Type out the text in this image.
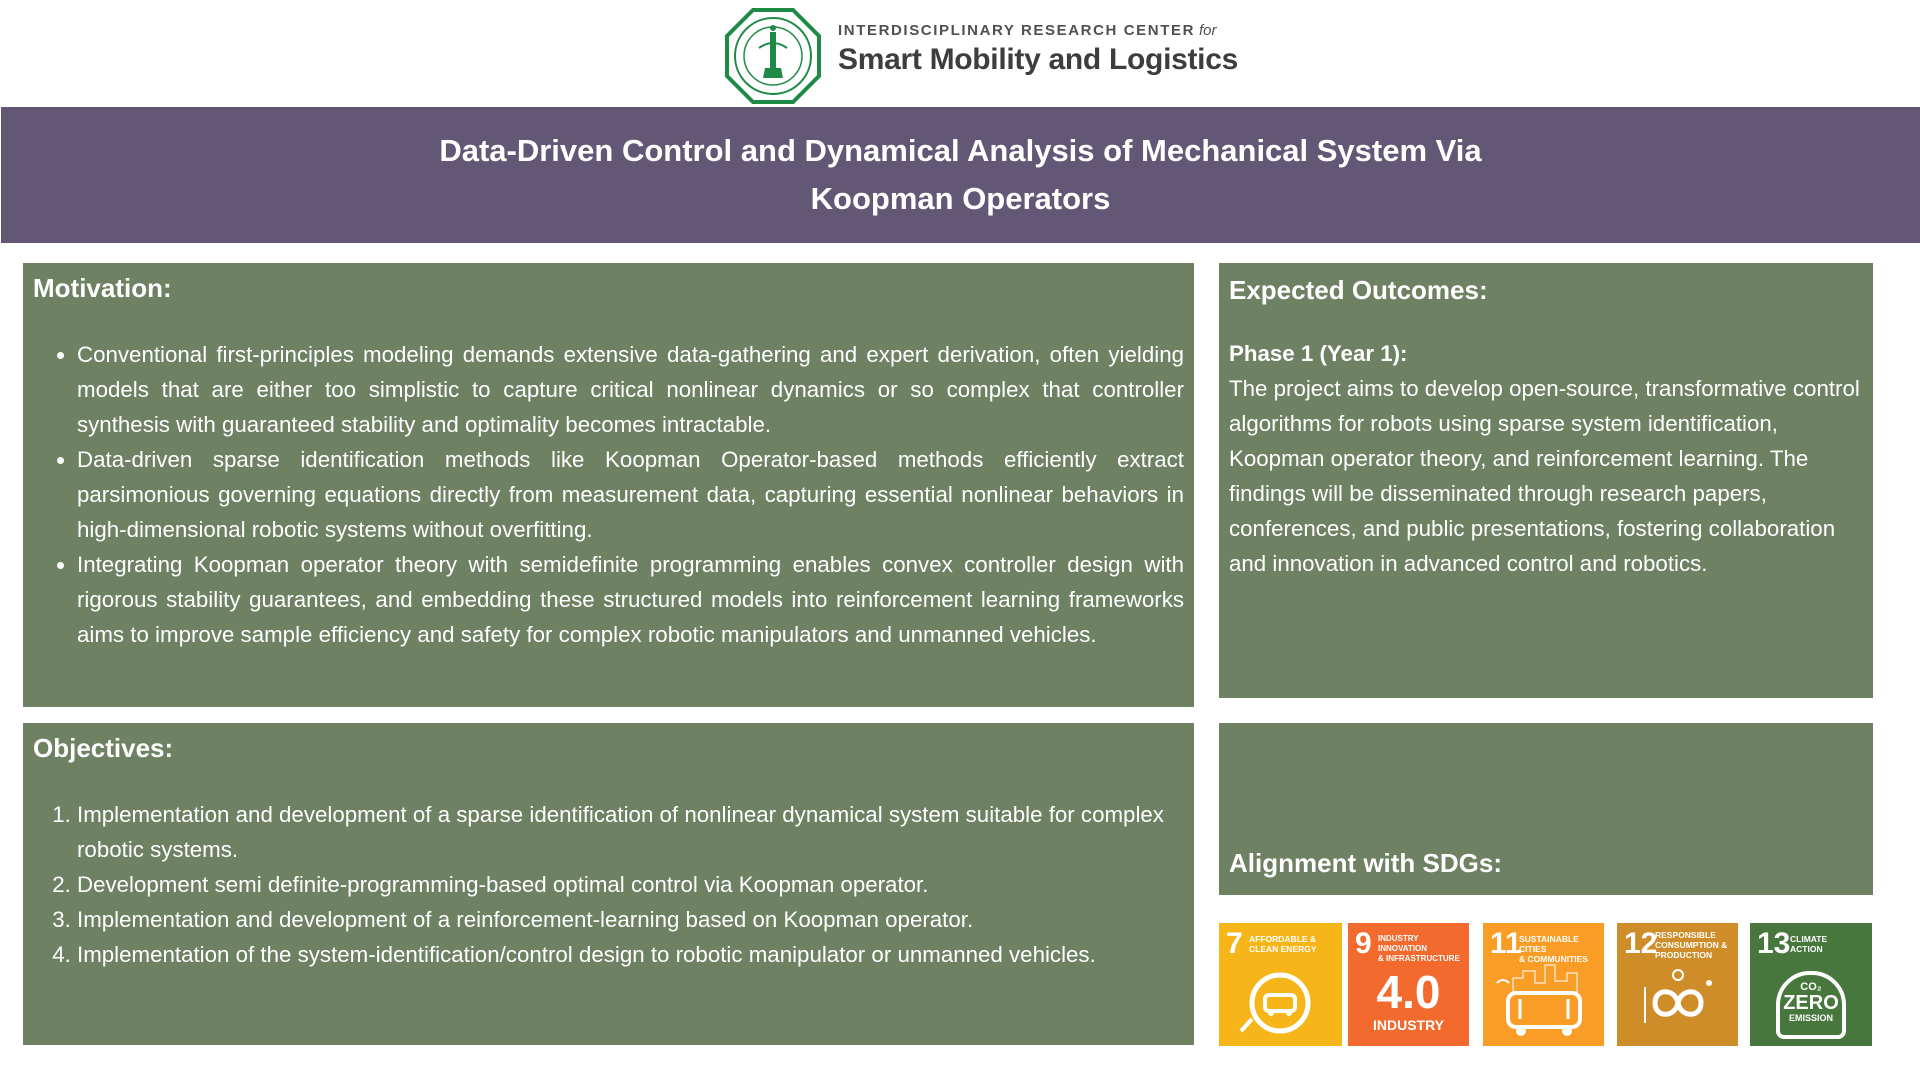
INTERDISCIPLINARY RESEARCH CENTER for
Smart Mobility and Logistics
Data-Driven Control and Dynamical Analysis of Mechanical System Via
Koopman Operators
Motivation:
• Conventional first-principles modeling demands extensive data-gathering and expert derivation, often yielding models that are either too simplistic to capture critical nonlinear dynamics or so complex that controller synthesis with guaranteed stability and optimality becomes intractable.
• Data-driven sparse identification methods like Koopman Operator-based methods efficiently extract parsimonious governing equations directly from measurement data, capturing essential nonlinear behaviors in high-dimensional robotic systems without overfitting.
• Integrating Koopman operator theory with semidefinite programming enables convex controller design with rigorous stability guarantees, and embedding these structured models into reinforcement learning frameworks aims to improve sample efficiency and safety for complex robotic manipulators and unmanned vehicles.
Objectives:
1. Implementation and development of a sparse identification of nonlinear dynamical system suitable for complex robotic systems.
2. Development semi definite-programming-based optimal control via Koopman operator.
3. Implementation and development of a reinforcement-learning based on Koopman operator.
4. Implementation of the system-identification/control design to robotic manipulator or unmanned vehicles.
Expected Outcomes:
Phase 1 (Year 1):
The project aims to develop open-source, transformative control algorithms for robots using sparse system identification, Koopman operator theory, and reinforcement learning. The findings will be disseminated through research papers, conferences, and public presentations, fostering collaboration and innovation in advanced control and robotics.
Alignment with SDGs:
7 AFFORDABLE &
CLEAN ENERGY 9 INDUSTRY INNOVATION
& INFRASTRUCTURE
4.0
INDUSTRY
11
SUSTAINABLE CITIES
& COMMUNITIES	12
RESPONSIBLE
CONSUMPTION &
PRODUCTION	13 CLIMATE
ACTION
CO₂
ZERO
EMISSION
